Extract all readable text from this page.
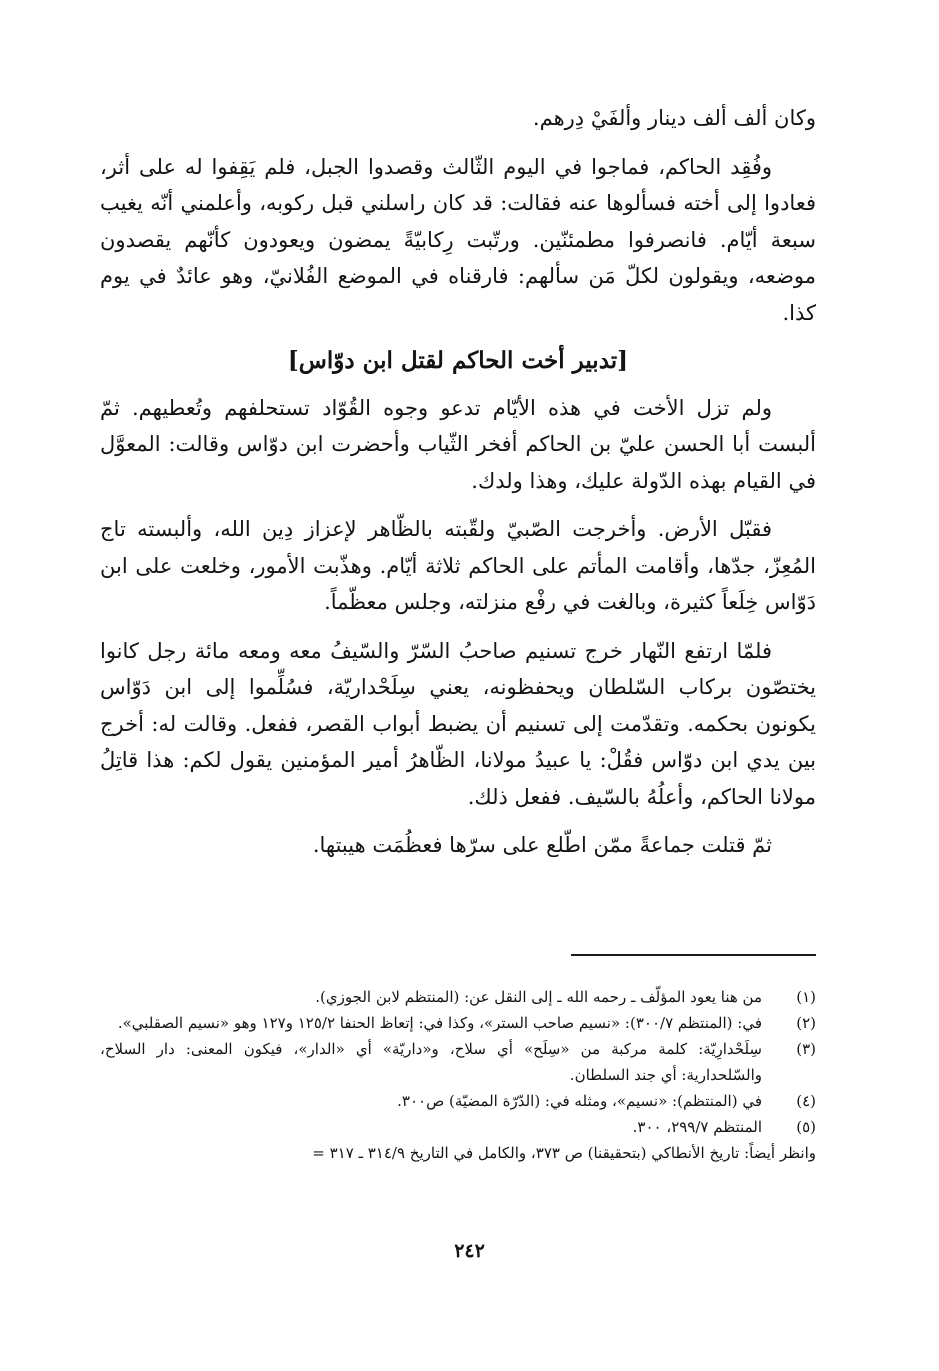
وكان ألف ألف دينار وألفَيْ دِرهم.

وفُقِد الحاكم، فماجوا في اليوم الثّالث وقصدوا الجبل، فلم يَقِفوا له على أثر، فعادوا إلى أخته فسألوها عنه فقالت: قد كان راسلني قبل ركوبه، وأعلمني أنّه يغيب سبعة أيّام. فانصرفوا مطمئنّين. ورتّبت رِكابيّةً يمضون ويعودون كأنّهم يقصدون موضعه، ويقولون لكلّ مَن سألهم: فارقناه في الموضع الفُلانيّ، وهو عائدٌ في يوم كذا.

[تدبير أخت الحاكم لقتل ابن دوّاس]

ولم تزل الأخت في هذه الأيّام تدعو وجوه القُوّاد تستحلفهم وتُعطيهم. ثمّ ألبست أبا الحسن عليّ بن الحاكم أفخر الثّياب وأحضرت ابن دوّاس وقالت: المعوَّل في القيام بهذه الدّولة عليك، وهذا ولدك.

فقبّل الأرض. وأخرجت الصّبيّ ولقّبته بالظّاهر لإعزاز دِين الله، وألبسته تاج المُعِزّ، جدّها، وأقامت المأتم على الحاكم ثلاثة أيّام. وهذّبت الأمور، وخلعت على ابن دَوّاس خِلَعاً كثيرة، وبالغت في رفْع منزلته، وجلس معظّماً.

فلمّا ارتفع النّهار خرج تسنيم صاحبُ السّرّ والسّيفُ معه ومعه مائة رجل كانوا يختصّون بركاب السّلطان ويحفظونه، يعني سِلَحْداريّة، فسُلِّموا إلى ابن دَوّاس يكونون بحكمه. وتقدّمت إلى تسنيم أن يضبط أبواب القصر، ففعل. وقالت له: أخرج بين يدي ابن دوّاس فقُلْ: يا عبيدُ مولانا، الظّاهرُ أمير المؤمنين يقول لكم: هذا قاتِلُ مولانا الحاكم، وأعلُهُ بالسّيف. ففعل ذلك.

ثمّ قتلت جماعةً ممّن اطّلع على سرّها فعظُمَت هيبتها.

(١)
من هنا يعود المؤلّف ـ رحمه الله ـ إلى النقل عن: (المنتظم لابن الجوزي).
(٢)
في: (المنتظم ٣٠٠/٧): «نسيم صاحب الستر»، وكذا في: إتعاظ الحنفا ١٢٥/٢ و١٢٧ وهو «نسيم الصقلبي».
(٣)
سِلَحْدارِيّة: كلمة مركبة من «سِلَح» أي سلاح، و«داريّة» أي «الدار»، فيكون المعنى: دار السلاح، والسّلحدارية: أي جند السلطان.
(٤)
في (المنتظم): «نسيم»، ومثله في: (الدّرّة المضيّة) ص٣٠٠.
(٥)
المنتظم ٢٩٩/٧، ٣٠٠.
وانظر أيضاً: تاريخ الأنطاكي (بتحقيقنا) ص ٣٧٣، والكامل في التاريخ ٣١٤/٩ ـ ٣١٧ =
٢٤٢
